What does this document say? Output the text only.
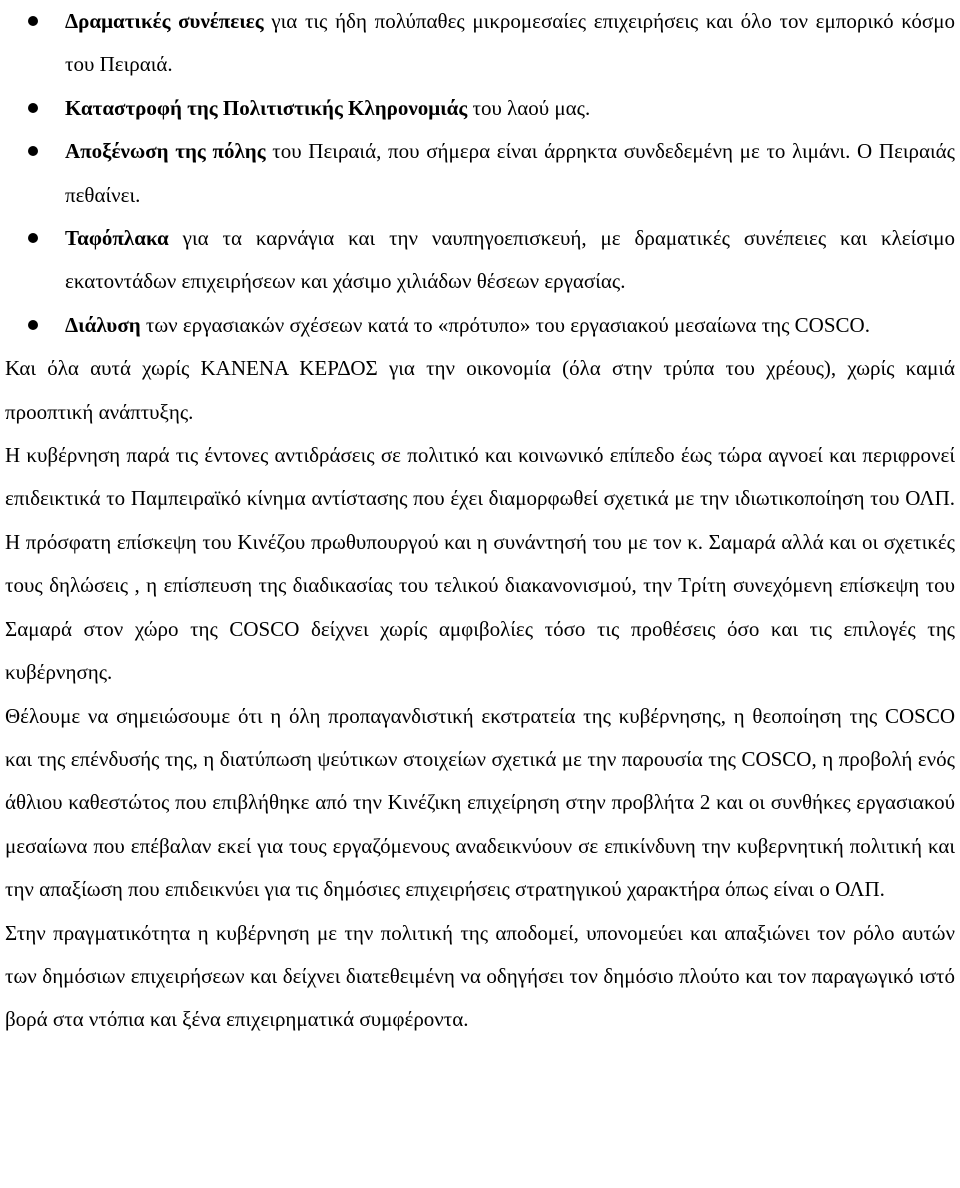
Δραματικές συνέπειες για τις ήδη πολύπαθες μικρομεσαίες επιχειρήσεις και όλο τον εμπορικό κόσμο του Πειραιά.
Καταστροφή της Πολιτιστικής Κληρονομιάς του λαού μας.
Αποξένωση της πόλης του Πειραιά, που σήμερα είναι άρρηκτα συνδεδεμένη με το λιμάνι. Ο Πειραιάς πεθαίνει.
Ταφόπλακα για τα καρνάγια και την ναυπηγοεπισκευή, με δραματικές συνέπειες και κλείσιμο εκατοντάδων επιχειρήσεων και χάσιμο χιλιάδων θέσεων εργασίας.
Διάλυση των εργασιακών σχέσεων κατά το «πρότυπο» του εργασιακού μεσαίωνα της COSCO.

Και όλα αυτά χωρίς ΚΑΝΕΝΑ ΚΕΡΔΟΣ για την οικονομία (όλα στην τρύπα του χρέους), χωρίς καμιά προοπτική ανάπτυξης.

Η κυβέρνηση παρά τις έντονες αντιδράσεις σε πολιτικό και κοινωνικό επίπεδο έως τώρα αγνοεί και περιφρονεί επιδεικτικά το Παμπειραϊκό κίνημα αντίστασης που έχει διαμορφωθεί σχετικά με την ιδιωτικοποίηση του ΟΛΠ. Η πρόσφατη επίσκεψη του Κινέζου πρωθυπουργού και η συνάντησή του με τον κ. Σαμαρά αλλά και οι σχετικές τους δηλώσεις , η επίσπευση της διαδικασίας του τελικού διακανονισμού, την Τρίτη συνεχόμενη επίσκεψη του Σαμαρά στον χώρο της COSCO δείχνει χωρίς αμφιβολίες τόσο τις προθέσεις όσο και τις επιλογές της κυβέρνησης.

Θέλουμε να σημειώσουμε ότι η όλη προπαγανδιστική εκστρατεία της κυβέρνησης, η θεοποίηση της COSCO και της επένδυσής της, η διατύπωση ψεύτικων στοιχείων σχετικά με την παρουσία της COSCO, η προβολή ενός άθλιου καθεστώτος που επιβλήθηκε από την Κινέζικη επιχείρηση στην προβλήτα 2 και οι συνθήκες εργασιακού μεσαίωνα που επέβαλαν εκεί για τους εργαζόμενους αναδεικνύουν σε επικίνδυνη την κυβερνητική πολιτική και την απαξίωση που επιδεικνύει για τις δημόσιες επιχειρήσεις στρατηγικού χαρακτήρα όπως είναι ο ΟΛΠ.

Στην πραγματικότητα η κυβέρνηση με την πολιτική της αποδομεί, υπονομεύει και απαξιώνει τον ρόλο αυτών των δημόσιων επιχειρήσεων και δείχνει διατεθειμένη να οδηγήσει τον δημόσιο πλούτο και τον παραγωγικό ιστό βορά στα ντόπια και ξένα επιχειρηματικά συμφέροντα.
